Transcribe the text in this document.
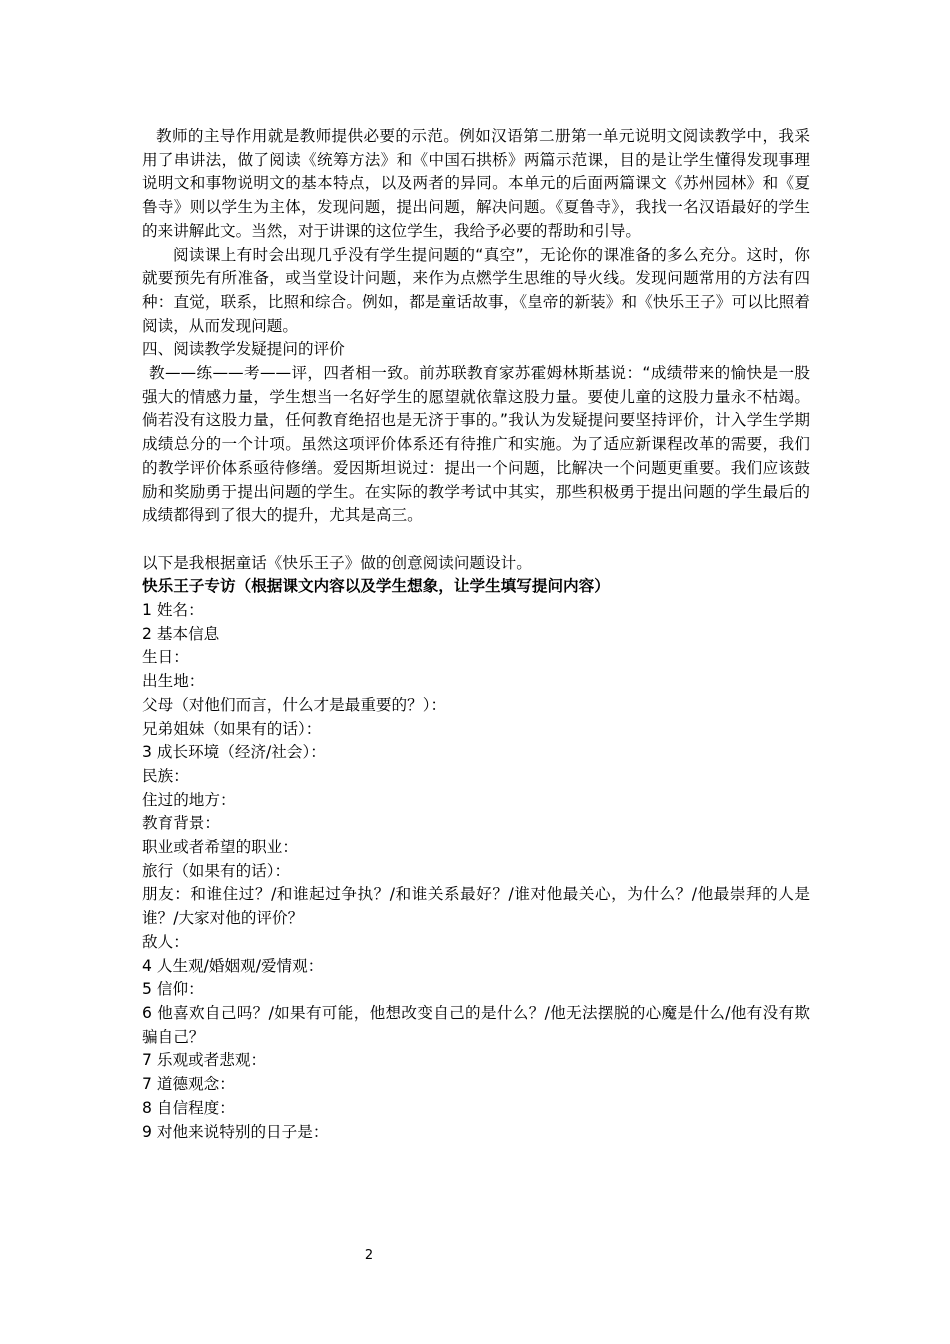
教师的主导作用就是教师提供必要的示范。例如汉语第二册第一单元说明文阅读教学中，我采用了串讲法，做了阅读《统筹方法》和《中国石拱桥》两篇示范课，目的是让学生懂得发现事理说明文和事物说明文的基本特点，以及两者的异同。本单元的后面两篇课文《苏州园林》和《夏鲁寺》则以学生为主体，发现问题，提出问题，解决问题。《夏鲁寺》，我找一名汉语最好的学生的来讲解此文。当然，对于讲课的这位学生，我给予必要的帮助和引导。

阅读课上有时会出现几乎没有学生提问题的“真空”，无论你的课准备的多么充分。这时，你就要预先有所准备，或当堂设计问题，来作为点燃学生思维的导火线。发现问题常用的方法有四种：直觉，联系，比照和综合。例如，都是童话故事，《皇帝的新装》和《快乐王子》可以比照着阅读，从而发现问题。

四、阅读教学发疑提问的评价

教——练——考——评，四者相一致。前苏联教育家苏霍姆林斯基说：“成绩带来的愉快是一股强大的情感力量，学生想当一名好学生的愿望就依靠这股力量。要使儿童的这股力量永不枯竭。倘若没有这股力量，任何教育绝招也是无济于事的。”我认为发疑提问要坚持评价，计入学生学期成绩总分的一个计项。虽然这项评价体系还有待推广和实施。为了适应新课程改革的需要，我们的教学评价体系亟待修缮。爱因斯坦说过：提出一个问题，比解决一个问题更重要。我们应该鼓励和奖励勇于提出问题的学生。在实际的教学考试中其实，那些积极勇于提出问题的学生最后的成绩都得到了很大的提升，尤其是高三。

以下是我根据童话《快乐王子》做的创意阅读问题设计。

快乐王子专访（根据课文内容以及学生想象，让学生填写提问内容）

1 姓名：

2 基本信息

生日：

出生地：

父母（对他们而言，什么才是最重要的？）：

兄弟姐妹（如果有的话）：

3 成长环境（经济/社会）：

民族：

住过的地方：

教育背景：

职业或者希望的职业：

旅行（如果有的话）：

朋友：和谁住过？/和谁起过争执？/和谁关系最好？/谁对他最关心，为什么？/他最崇拜的人是谁？/大家对他的评价？

敌人：

4 人生观/婚姻观/爱情观：

5 信仰：

6 他喜欢自己吗？/如果有可能，他想改变自己的是什么？/他无法摆脱的心魔是什么/他有没有欺骗自己？

7 乐观或者悲观：

7 道德观念：

8 自信程度：

9 对他来说特别的日子是：

2
